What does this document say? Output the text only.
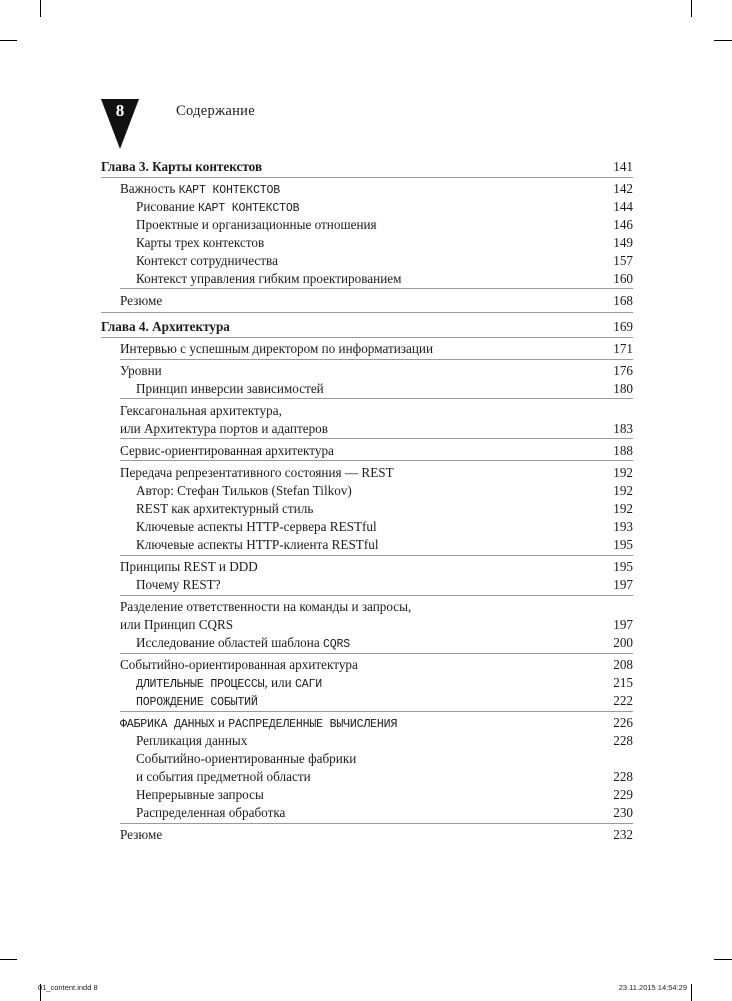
8	Содержание
Глава 3. Карты контекстов	141
Важность КАРТ КОНТЕКСТОВ	142
Рисование КАРТ КОНТЕКСТОВ	144
Проектные и организационные отношения	146
Карты трех контекстов	149
Контекст сотрудничества	157
Контекст управления гибким проектированием	160
Резюме	168
Глава 4. Архитектура	169
Интервью с успешным директором по информатизации	171
Уровни	176
Принцип инверсии зависимостей	180
Гексагональная архитектура,
или Архитектура портов и адаптеров	183
Сервис-ориентированная архитектура	188
Передача репрезентативного состояния — REST	192
Автор: Стефан Тильков (Stefan Tilkov)	192
REST как архитектурный стиль	192
Ключевые аспекты HTTP-сервера RESTful	193
Ключевые аспекты HTTP-клиента RESTful	195
Принципы REST и DDD	195
Почему REST?	197
Разделение ответственности на команды и запросы,
или Принцип CQRS	197
Исследование областей шаблона CQRS	200
Событийно-ориентированная архитектура	208
ДЛИТЕЛЬНЫЕ ПРОЦЕССЫ, или САГИ	215
ПОРОЖДЕНИЕ СОБЫТИЙ	222
ФАБРИКА ДАННЫХ и РАСПРЕДЕЛЕННЫЕ ВЫЧИСЛЕНИЯ	226
Репликация данных	228
Событийно-ориентированные фабрики
и события предметной области	228
Непрерывные запросы	229
Распределенная обработка	230
Резюме	232
01_content.indd 8	23.11.2015 14:54:29
